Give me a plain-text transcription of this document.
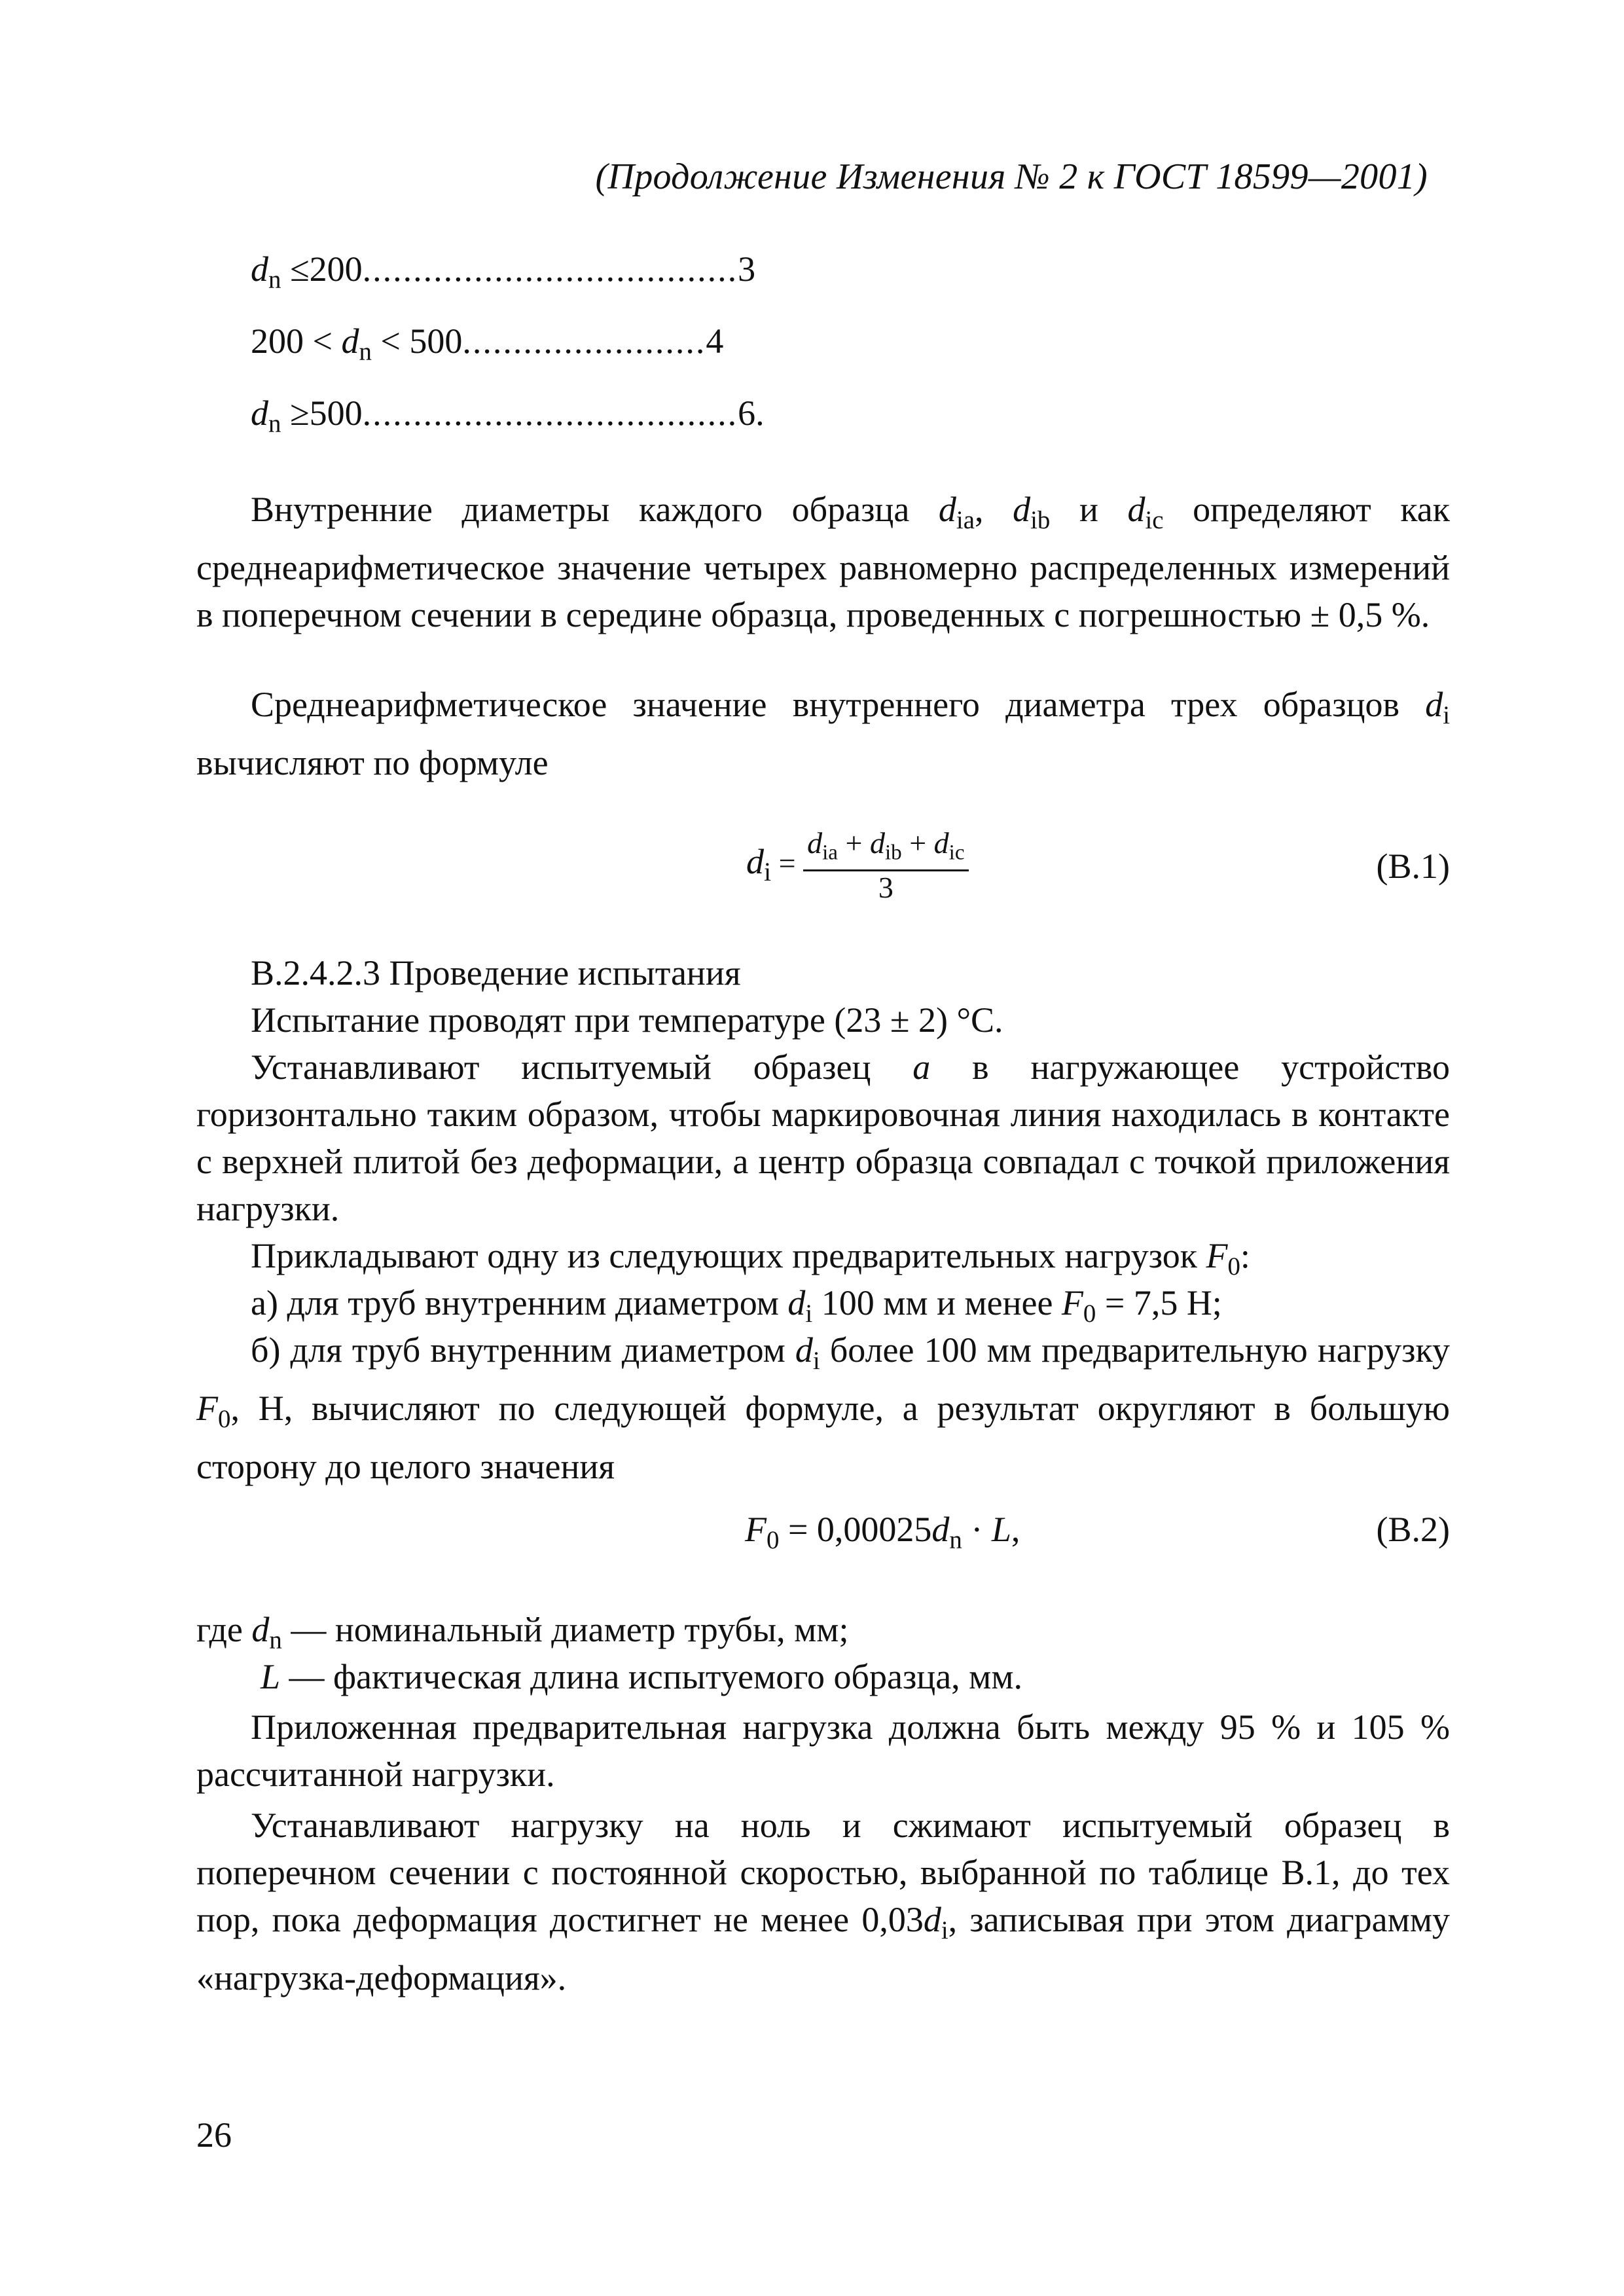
(Продолжение Изменения № 2 к ГОСТ 18599—2001)
$d_n \le 200.....................................3$
$200 < d_n < 500........................4$
$d_n \ge 500.....................................6$.

Внутренние диаметры каждого образца $d_{ia}$, $d_{ib}$ и $d_{ic}$ определяют как среднеарифметическое значение четырех равномерно распределенных измерений в поперечном сечении в середине образца, проведенных с погрешностью ± 0,5 %.

Среднеарифметическое значение внутреннего диаметра трех образцов $d_i$ вычисляют по формуле

$d_i = \frac{d_{ia} + d_{ib} + d_{ic}}{3}$	(В.1)
В.2.4.2.3 Проведение испытания
Испытание проводят при температуре (23 ± 2) °С.

Устанавливают испытуемый образец a в нагружающее устройство горизонтально таким образом, чтобы маркировочная линия находилась в контакте с верхней плитой без деформации, а центр образца совпадал с точкой приложения нагрузки.

Прикладывают одну из следующих предварительных нагрузок $F_0$:
а) для труб внутренним диаметром $d_i$ 100 мм и менее $F_0 = 7,5$ Н;

б) для труб внутренним диаметром $d_i$ более 100 мм предварительную нагрузку $F_0$, Н, вычисляют по следующей формуле, а результат округляют в большую сторону до целого значения

$F_0 = 0,00025d_n \cdot L$,	(В.2)
где $d_n$ — номинальный диаметр трубы, мм;
L — фактическая длина испытуемого образца, мм.

Приложенная предварительная нагрузка должна быть между 95 % и 105 % рассчитанной нагрузки.

Устанавливают нагрузку на ноль и сжимают испытуемый образец в поперечном сечении с постоянной скоростью, выбранной по таблице В.1, до тех пор, пока деформация достигнет не менее $0,03d_i$, записывая при этом диаграмму «нагрузка-деформация».

26
